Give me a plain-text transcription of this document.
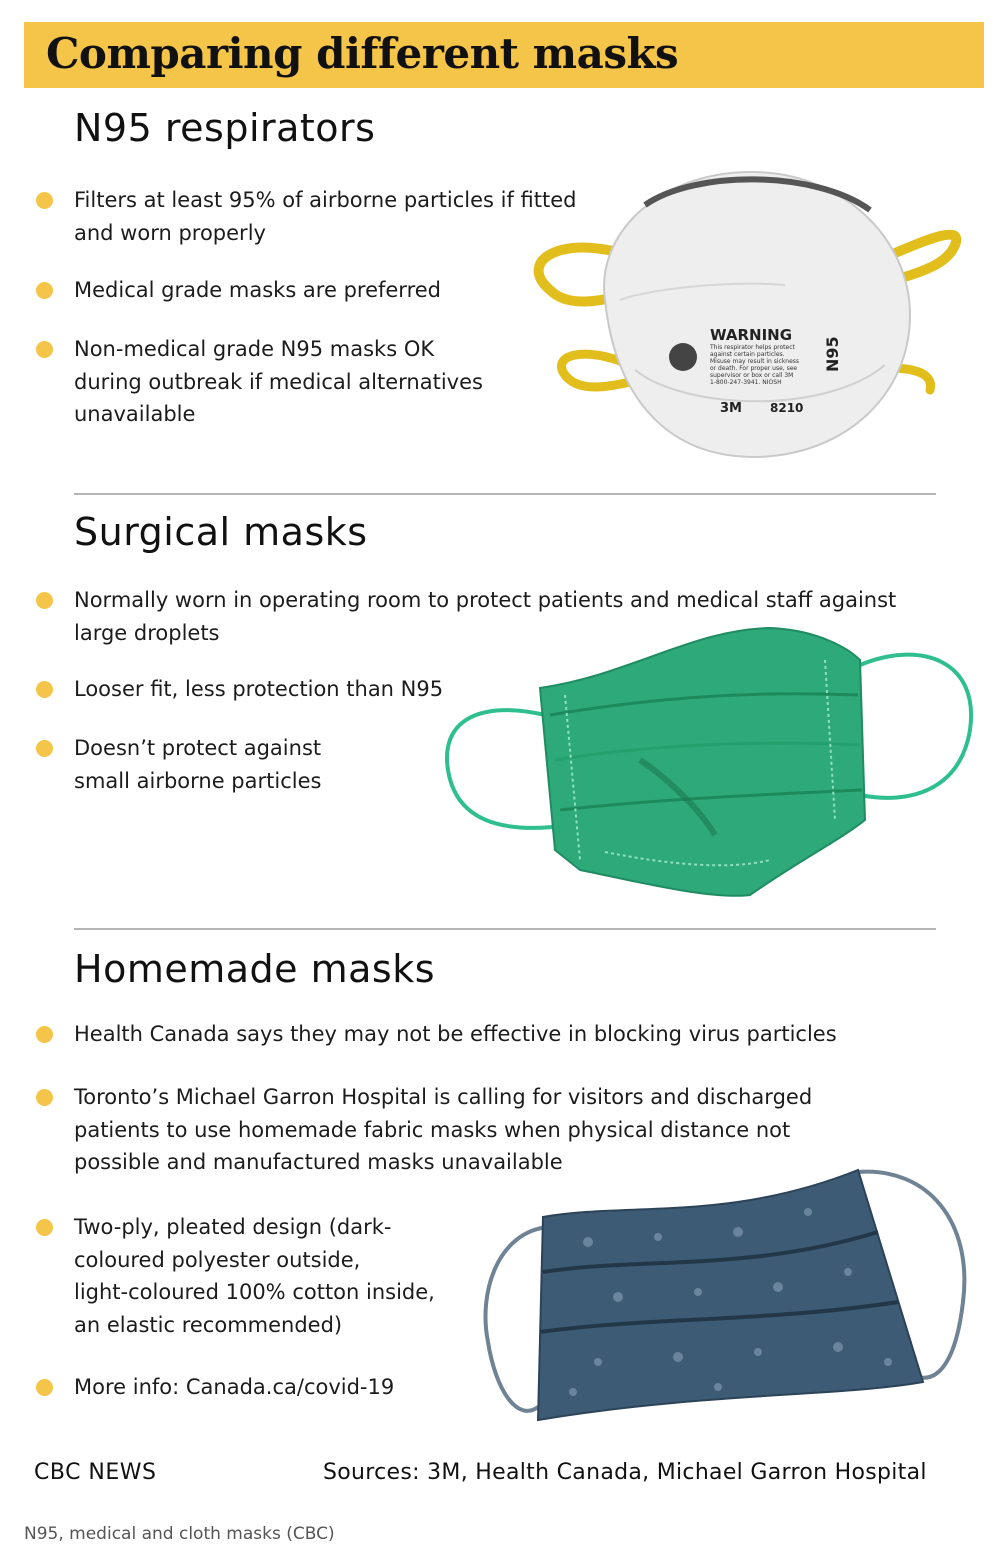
Comparing different masks
N95 respirators
Filters at least 95% of airborne particles if fitted
and worn properly
Medical grade masks are preferred
Non-medical grade N95 masks OK
during outbreak if medical alternatives
unavailable
WARNING
This respirator helps protect
against certain particles.
Misuse may result in sickness
or death. For proper use, see
supervisor or box or call 3M
1-800-247-3941. NIOSH
3M 8210
N95
Surgical masks
Normally worn in operating room to protect patients and medical staff against
large droplets
Looser fit, less protection than N95
Doesn’t protect against
small airborne particles
Homemade masks
Health Canada says they may not be effective in blocking virus particles
Toronto’s Michael Garron Hospital is calling for visitors and discharged
patients to use homemade fabric masks when physical distance not
possible and manufactured masks unavailable
Two-ply, pleated design (dark-
coloured polyester outside,
light-coloured 100% cotton inside,
an elastic recommended)
More info: Canada.ca/covid-19
CBC NEWS	Sources: 3M, Health Canada, Michael Garron Hospital
N95, medical and cloth masks (CBC)
